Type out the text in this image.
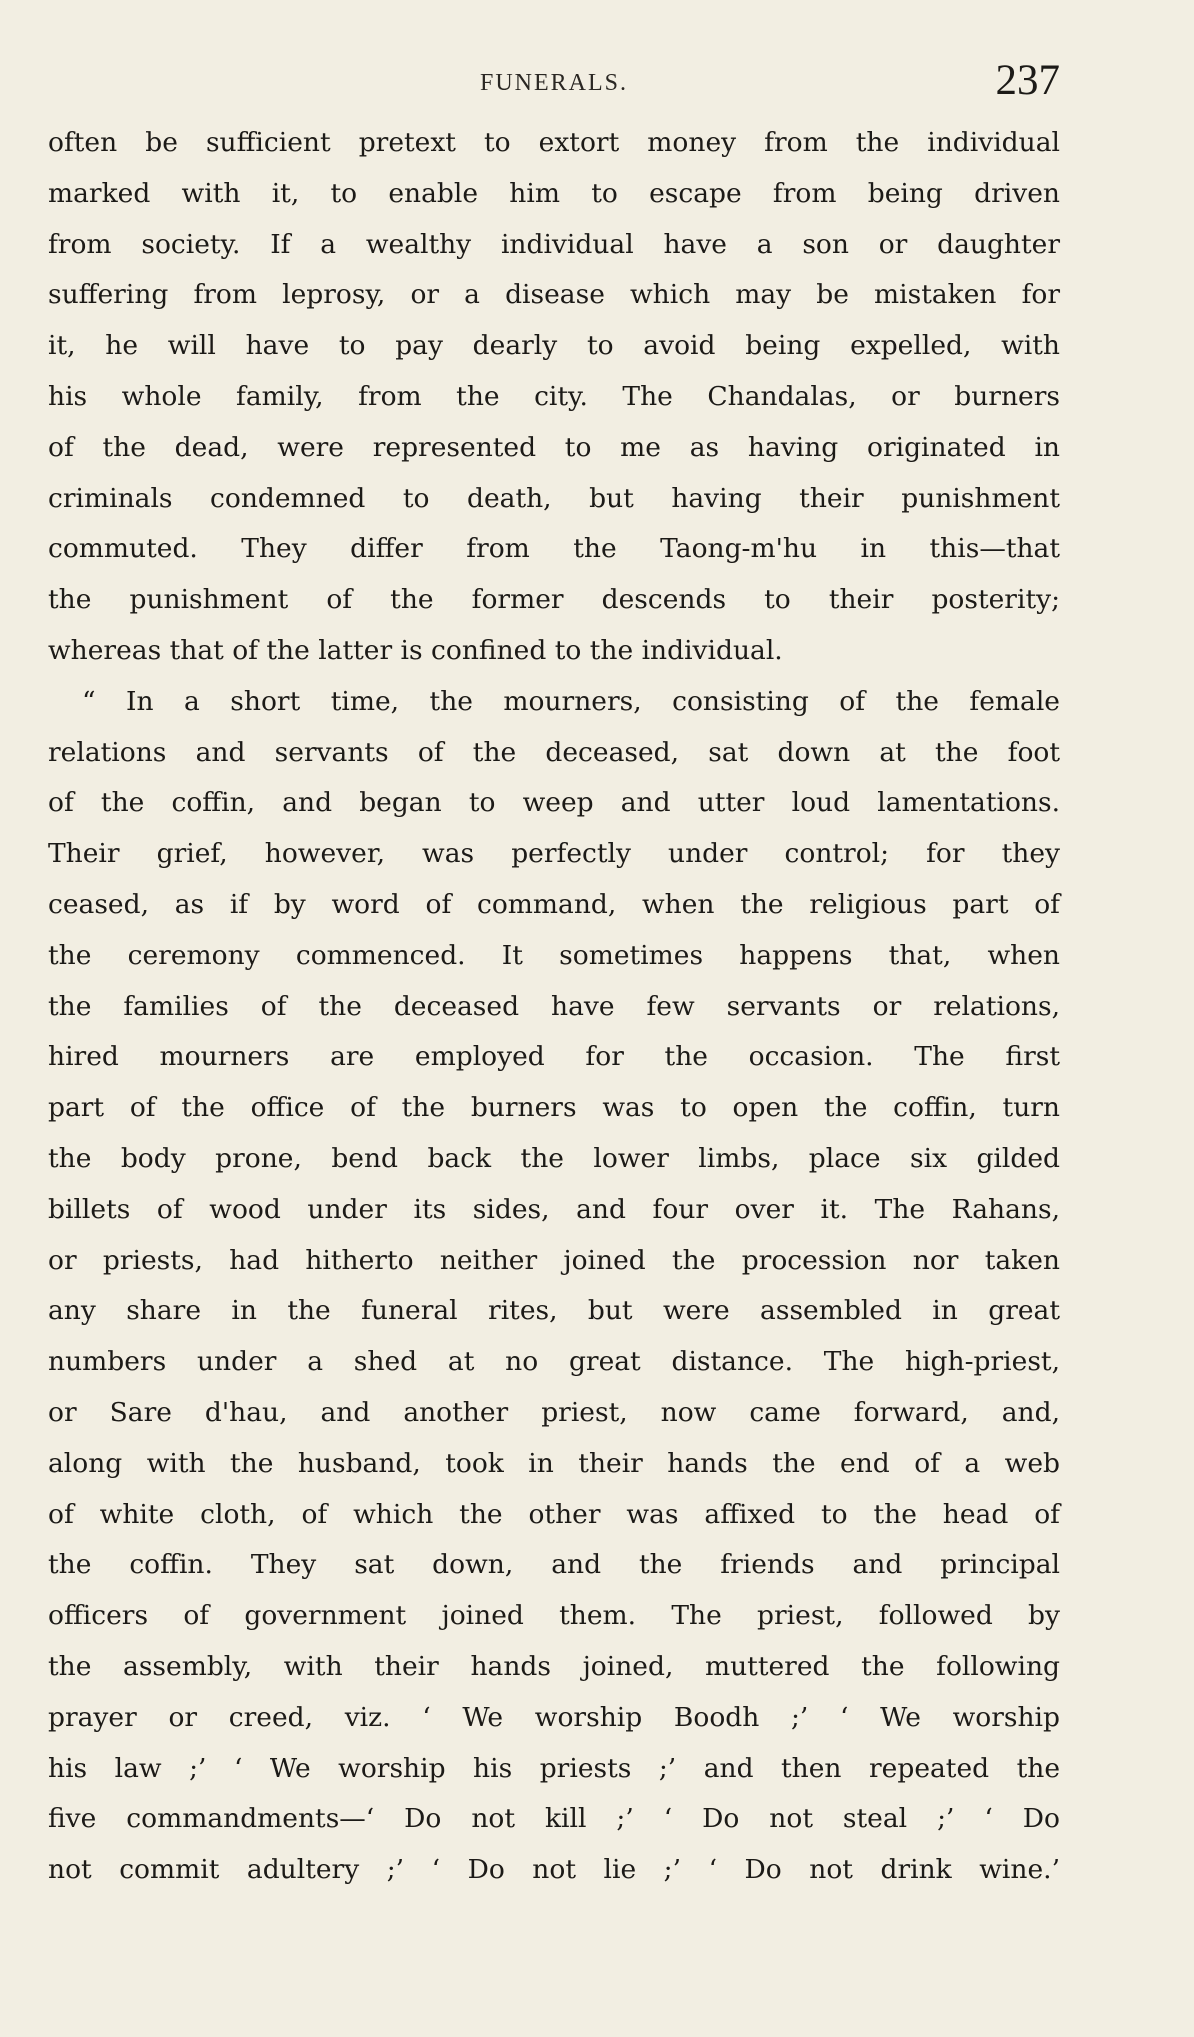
FUNERALS.	237
often be sufficient pretext to extort money from the individual
marked with it, to enable him to escape from being driven
from society. If a wealthy individual have a son or daughter
suffering from leprosy, or a disease which may be mistaken for
it, he will have to pay dearly to avoid being expelled, with
his whole family, from the city. The Chandalas, or burners
of the dead, were represented to me as having originated in
criminals condemned to death, but having their punishment
commuted. They differ from the Taong-m'hu in this—that
the punishment of the former descends to their posterity;
whereas that of the latter is confined to the individual.
“ In a short time, the mourners, consisting of the female
relations and servants of the deceased, sat down at the foot
of the coffin, and began to weep and utter loud lamentations.
Their grief, however, was perfectly under control; for they
ceased, as if by word of command, when the religious part of
the ceremony commenced. It sometimes happens that, when
the families of the deceased have few servants or relations,
hired mourners are employed for the occasion. The first
part of the office of the burners was to open the coffin, turn
the body prone, bend back the lower limbs, place six gilded
billets of wood under its sides, and four over it. The Rahans,
or priests, had hitherto neither joined the procession nor taken
any share in the funeral rites, but were assembled in great
numbers under a shed at no great distance. The high-priest,
or Sare d'hau, and another priest, now came forward, and,
along with the husband, took in their hands the end of a web
of white cloth, of which the other was affixed to the head of
the coffin. They sat down, and the friends and principal
officers of government joined them. The priest, followed by
the assembly, with their hands joined, muttered the following
prayer or creed, viz. ‘ We worship Boodh ;’ ‘ We worship
his law ;’ ‘ We worship his priests ;’ and then repeated the
five commandments—‘ Do not kill ;’ ‘ Do not steal ;’ ‘ Do
not commit adultery ;’ ‘ Do not lie ;’ ‘ Do not drink wine.’
